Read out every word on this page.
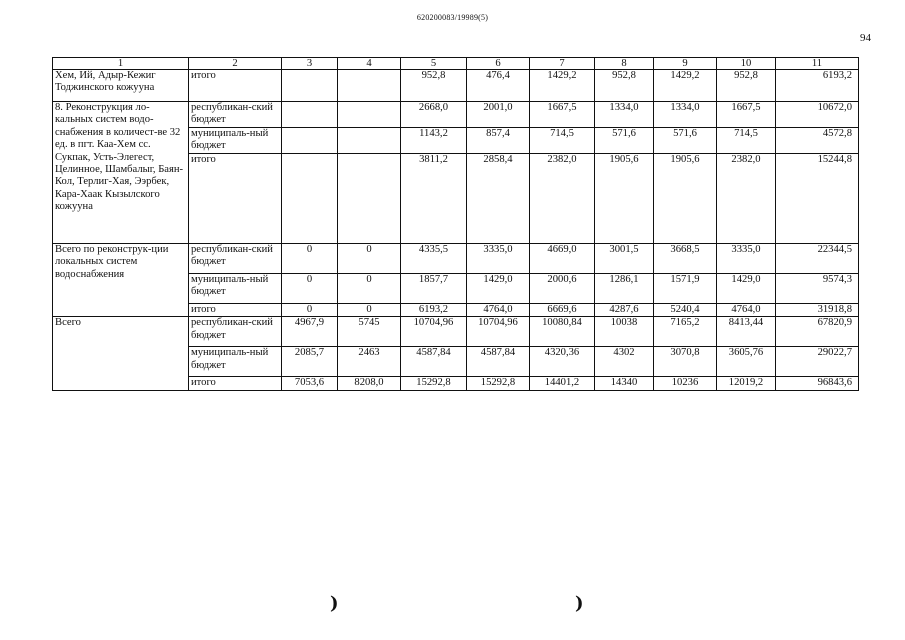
620200083/19989(5)
94
1	2	3	4	5	6	7	8	9	10	11
Хем, Ий, Адыр-Кежиг Тоджинского кожууна	итого			952,8	476,4	1429,2	952,8	1429,2	952,8	6193,2
8. Реконструкция ло-кальных систем водо-снабжения в количест-ве 32 ед. в пгт. Каа-Хем сс. Сукпак, Усть-Элегест, Целинное, Шамбалыг, Баян-Кол, Терлиг-Хая, Ээрбек, Кара-Хаак Кызылского кожууна	республикан-ский бюджет			2668,0	2001,0	1667,5	1334,0	1334,0	1667,5	10672,0
	муниципаль-ный бюджет			1143,2	857,4	714,5	571,6	571,6	714,5	4572,8
	итого			3811,2	2858,4	2382,0	1905,6	1905,6	2382,0	15244,8
Всего по реконструк-ции локальных систем водоснабжения	республикан-ский бюджет	0	0	4335,5	3335,0	4669,0	3001,5	3668,5	3335,0	22344,5
	муниципаль-ный бюджет	0	0	1857,7	1429,0	2000,6	1286,1	1571,9	1429,0	9574,3
	итого	0	0	6193,2	4764,0	6669,6	4287,6	5240,4	4764,0	31918,8
Всего	республикан-ский бюджет	4967,9	5745	10704,96	10704,96	10080,84	10038	7165,2	8413,44	67820,9
	муниципаль-ный бюджет	2085,7	2463	4587,84	4587,84	4320,36	4302	3070,8	3605,76	29022,7
	итого	7053,6	8208,0	15292,8	15292,8	14401,2	14340	10236	12019,2	96843,6
)	)
